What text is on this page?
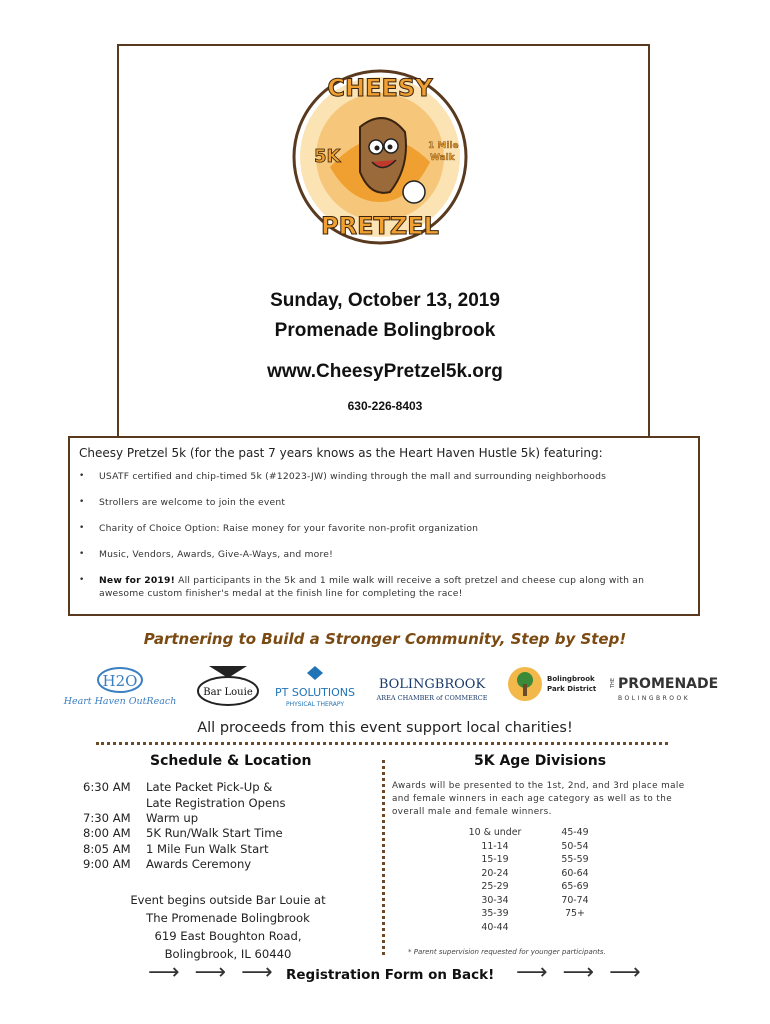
CHEESY
PRETZEL
5K	1 Mile
Walk
Sunday, October 13, 2019
Promenade Bolingbrook
www.CheesyPretzel5k.org
630-226-8403
Cheesy Pretzel 5k (for the past 7 years knows as the Heart Haven Hustle 5k) featuring:
• USATF certified and chip-timed 5k (#12023-JW) winding through the mall and surrounding neighborhoods
• Strollers are welcome to join the event
• Charity of Choice Option: Raise money for your favorite non-profit organization
• Music, Vendors, Awards, Give-A-Ways, and more!
• New for 2019! All participants in the 5k and 1 mile walk will receive a soft pretzel and cheese cup along with an awesome custom finisher's medal at the finish line for completing the race!
Partnering to Build a Stronger Community, Step by Step!
H2O
Heart Haven OutReach
Bar Louie PT SOLUTIONS
PHYSICAL THERAPY
BOLINGBROOK
AREA CHAMBER of COMMERCE
Bolingbrook
Park District
THE PROMENADE
BOLINGBROOK
All proceeds from this event support local charities!
Schedule & Location
6:30 AM Late Packet Pick-Up &
Late Registration Opens
7:30 AM Warm up
8:00 AM 5K Run/Walk Start Time
8:05 AM 1 Mile Fun Walk Start
9:00 AM Awards Ceremony
Event begins outside Bar Louie at
The Promenade Bolingbrook
619 East Boughton Road,
Bolingbrook, IL 60440
5K Age Divisions
Awards will be presented to the 1st, 2nd, and 3rd place male and female winners in each age category as well as to the overall male and female winners.
10 & under
11-14
15-19
20-24
25-29
30-34
35-39
40-44
45-49
50-54
55-59
60-64
65-69
70-74
75+
* Parent supervision requested for younger participants.
⟶ ⟶ ⟶ Registration Form on Back! ⟶ ⟶ ⟶
